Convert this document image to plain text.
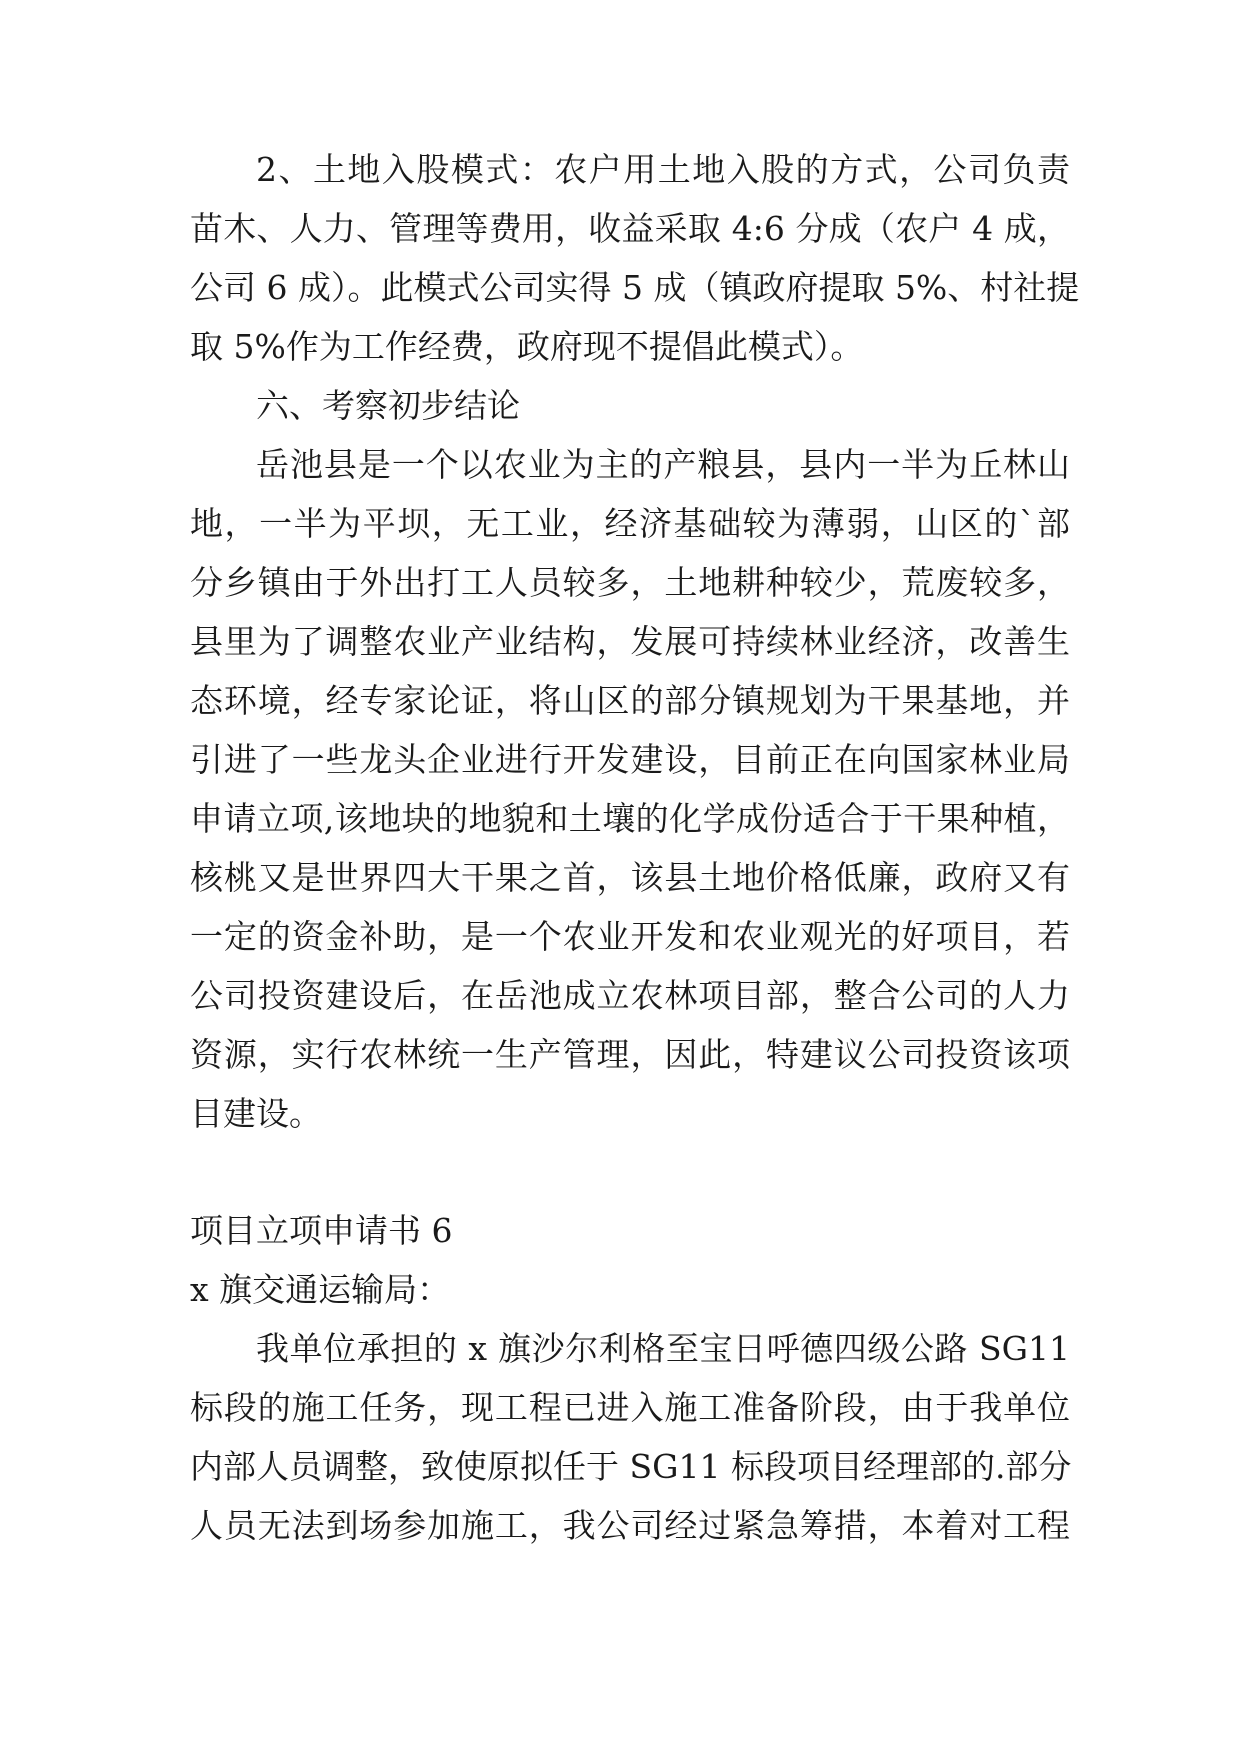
2、土地入股模式：农户用土地入股的方式，公司负责
苗木、人力、管理等费用，收益采取 4:6 分成（农户 4 成，
公司 6 成）。此模式公司实得 5 成（镇政府提取 5%、村社提
取 5%作为工作经费，政府现不提倡此模式）。
六、考察初步结论
岳池县是一个以农业为主的产粮县，县内一半为丘林山
地，一半为平坝，无工业，经济基础较为薄弱，山区的`部
分乡镇由于外出打工人员较多，土地耕种较少，荒废较多，
县里为了调整农业产业结构，发展可持续林业经济，改善生
态环境，经专家论证，将山区的部分镇规划为干果基地，并
引进了一些龙头企业进行开发建设，目前正在向国家林业局
申请立项,该地块的地貌和土壤的化学成份适合于干果种植，
核桃又是世界四大干果之首，该县土地价格低廉，政府又有
一定的资金补助，是一个农业开发和农业观光的好项目，若
公司投资建设后，在岳池成立农林项目部，整合公司的人力
资源，实行农林统一生产管理，因此，特建议公司投资该项
目建设。
项目立项申请书 6
x 旗交通运输局：
我单位承担的 x 旗沙尔利格至宝日呼德四级公路 SG11
标段的施工任务，现工程已进入施工准备阶段，由于我单位
内部人员调整，致使原拟任于 SG11 标段项目经理部的.部分
人员无法到场参加施工，我公司经过紧急筹措，本着对工程
